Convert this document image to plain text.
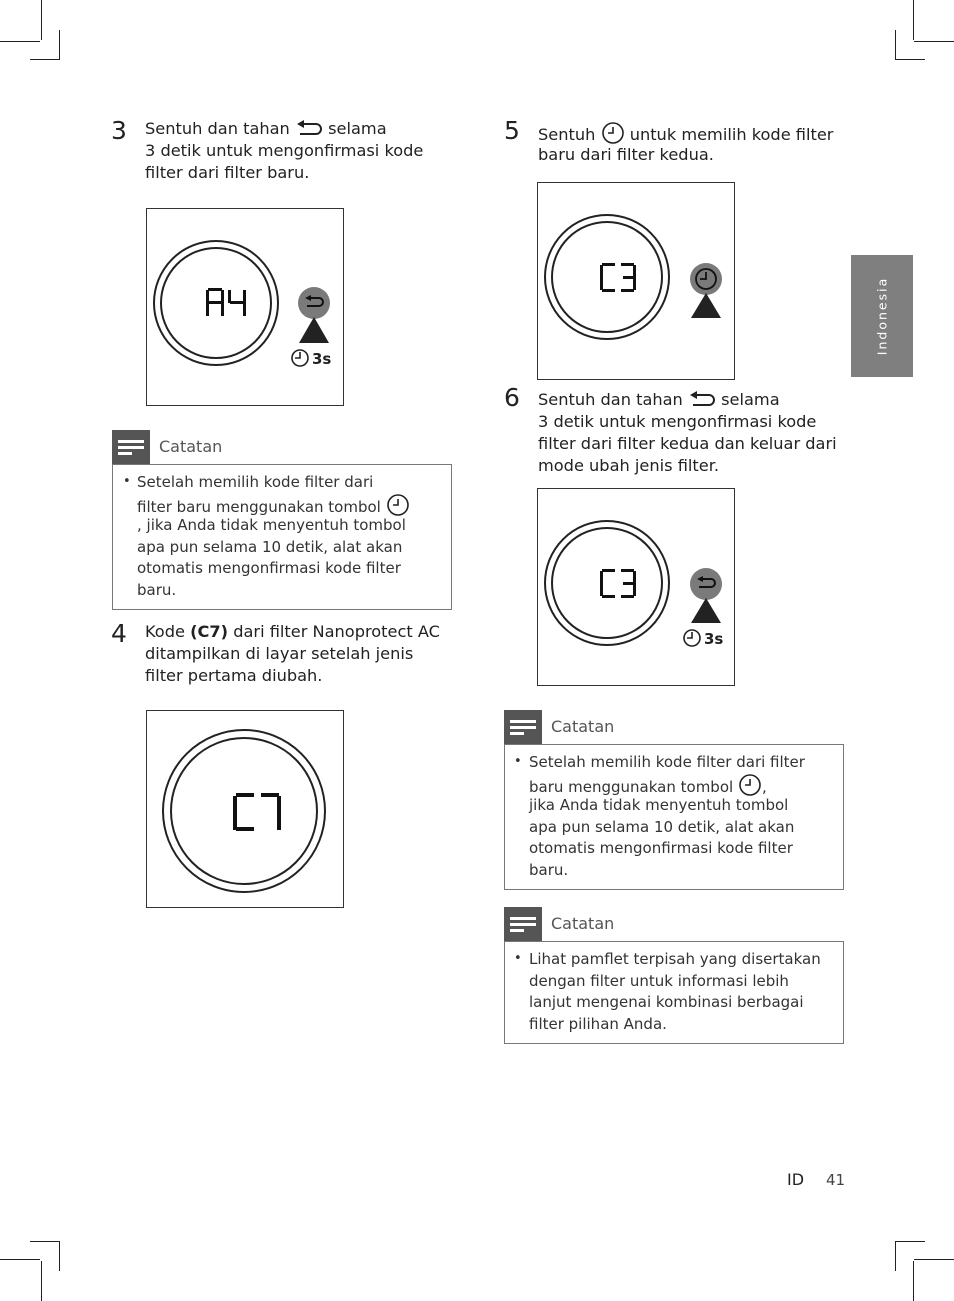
Indonesia
3 Sentuh dan tahan selama
3 detik untuk mengonfirmasi kode
filter dari filter baru.
3s
Catatan
• Setelah memilih kode filter dari
filter baru menggunakan tombol
, jika Anda tidak menyentuh tombol
apa pun selama 10 detik, alat akan
otomatis mengonfirmasi kode filter
baru.
4 Kode (C7) dari filter Nanoprotect AC
ditampilkan di layar setelah jenis
filter pertama diubah.
5 Sentuh untuk memilih kode filter
baru dari filter kedua.
6 Sentuh dan tahan selama
3 detik untuk mengonfirmasi kode
filter dari filter kedua dan keluar dari
mode ubah jenis filter.
3s
Catatan
• Setelah memilih kode filter dari filter
baru menggunakan tombol ,
jika Anda tidak menyentuh tombol
apa pun selama 10 detik, alat akan
otomatis mengonfirmasi kode filter
baru.
Catatan
• Lihat pamflet terpisah yang disertakan
dengan filter untuk informasi lebih
lanjut mengenai kombinasi berbagai
filter pilihan Anda.
ID 41
